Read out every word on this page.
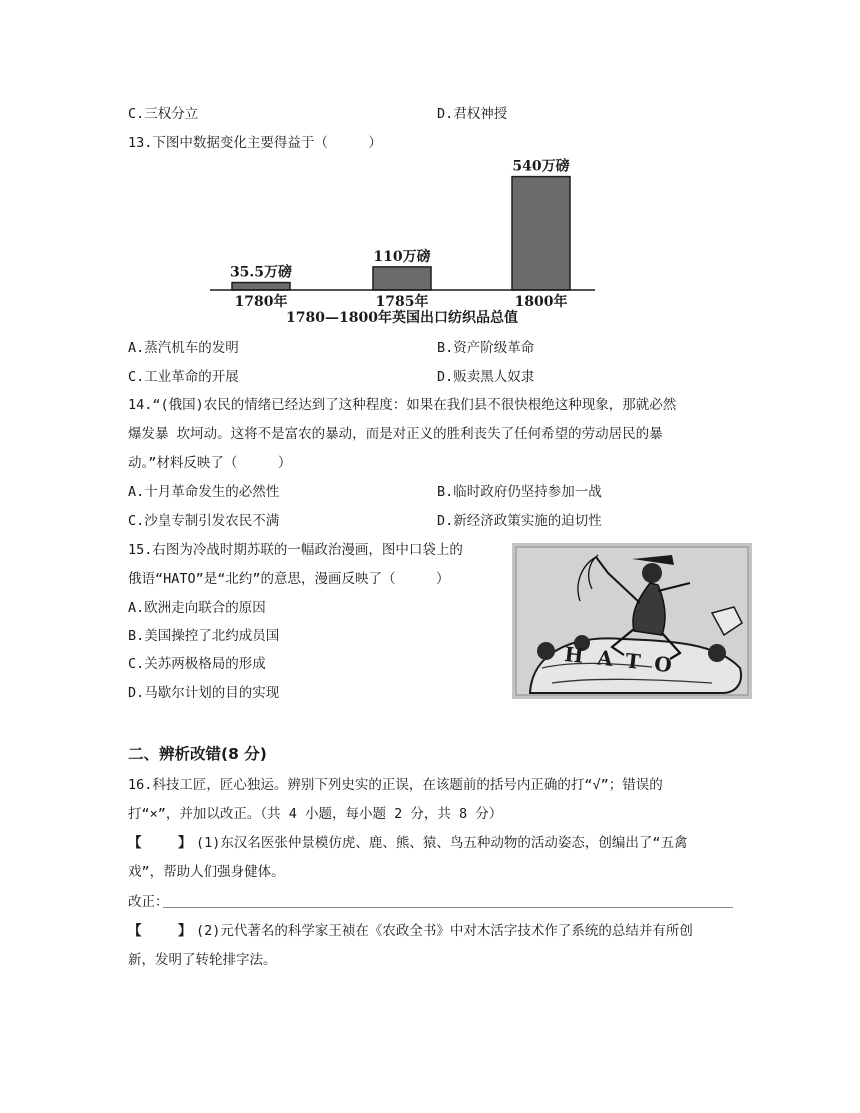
C.三权分立	D.君权神授
13.下图中数据变化主要得益于（　　　）
35.5万磅
1780年
110万磅
1785年
540万磅
1800年
1780—1800年英国出口纺织品总值
A.蒸汽机车的发明	B.资产阶级革命
C.工业革命的开展	D.贩卖黑人奴隶
14.“(俄国)农民的情绪已经达到了这种程度：如果在我们县不很快根绝这种现象，那就必然
爆发暴 坎坷动。这将不是富农的暴动，而是对正义的胜利丧失了任何希望的劳动居民的暴
动。”材料反映了（　　　）
A.十月革命发生的必然性	B.临时政府仍坚持参加一战
C.沙皇专制引发农民不满	D.新经济政策实施的迫切性
15.右图为冷战时期苏联的一幅政治漫画，图中口袋上的
俄语“HATO”是“北约”的意思，漫画反映了（　　　）
A.欧洲走向联合的原因
B.美国操控了北约成员国
C.关苏两极格局的形成
D.马歇尔计划的目的实现
HATO
二、辨析改错(8 分)
16.科技工匠，匠心独运。辨别下列史实的正误，在该题前的括号内正确的打“√”；错误的
打“×”，并加以改正。（共 4 小题，每小题 2 分，共 8 分）
【	】 (1)东汉名医张仲景模仿虎、鹿、熊、猿、鸟五种动物的活动姿态，创编出了“五禽
戏”，帮助人们强身健体。
改正：
【	】 (2)元代著名的科学家王祯在《农政全书》中对木活字技术作了系统的总结并有所创
新，发明了转轮排字法。
